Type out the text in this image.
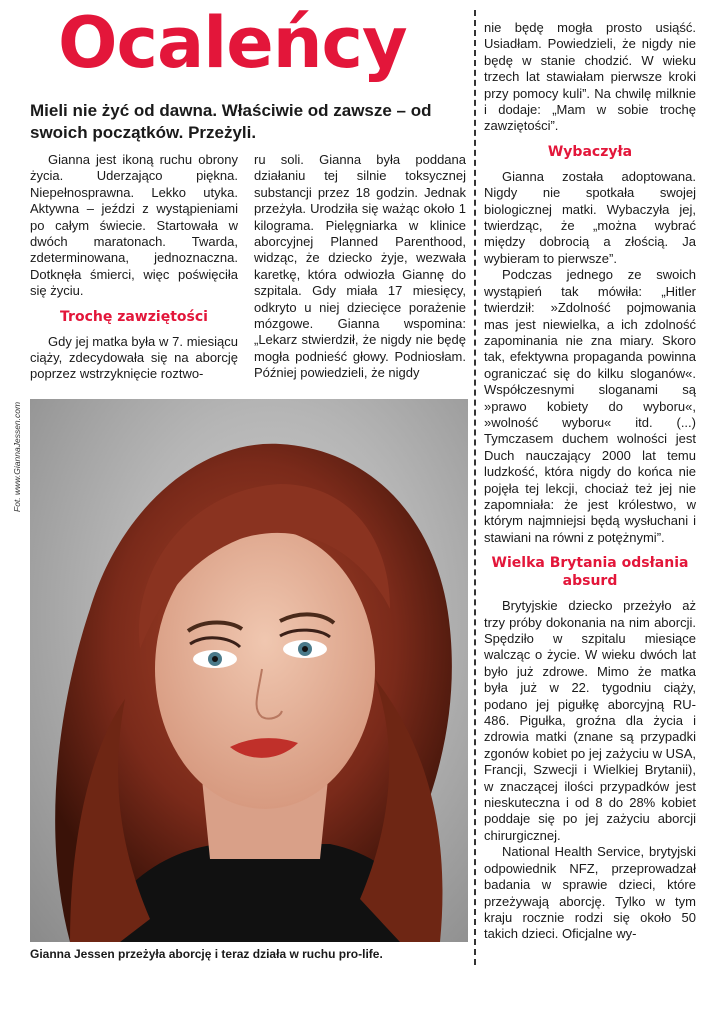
Ocaleńcy
Mieli nie żyć od dawna. Właściwie od zawsze – od swoich początków. Przeżyli.

Gianna jest ikoną ruchu obrony życia. Uderzająco piękna. Niepełnosprawna. Lekko utyka. Aktywna – jeździ z wystąpieniami po całym świecie. Startowała w dwóch maratonach. Twarda, zdeterminowana, jednoznaczna. Dotknęła śmierci, więc poświęciła się życiu.

Trochę zawziętości

Gdy jej matka była w 7. miesiącu ciąży, zdecydowała się na aborcję poprzez wstrzyknięcie roztwo-

ru soli. Gianna była poddana działaniu tej silnie toksycznej substancji przez 18 godzin. Jednak przeżyła. Urodziła się ważąc około 1 kilograma. Pielęgniarka w klinice aborcyjnej Planned Parenthood, widząc, że dziecko żyje, wezwała karetkę, która odwiozła Giannę do szpitala. Gdy miała 17 miesięcy, odkryto u niej dziecięce porażenie mózgowe. Gianna wspomina: „Lekarz stwierdził, że nigdy nie będę mogła podnieść głowy. Podniosłam. Później powiedzieli, że nigdy

nie będę mogła prosto usiąść. Usiadłam. Powiedzieli, że nigdy nie będę w stanie chodzić. W wieku trzech lat stawiałam pierwsze kroki przy pomocy kuli”. Na chwilę milknie i dodaje: „Mam w sobie trochę zawziętości”.

Wybaczyła

Gianna została adoptowana. Nigdy nie spotkała swojej biologicznej matki. Wybaczyła jej, twierdząc, że „można wybrać między dobrocią a złością. Ja wybieram to pierwsze”.

Podczas jednego ze swoich wystąpień tak mówiła: „Hitler twierdził: »Zdolność pojmowania mas jest niewielka, a ich zdolność zapominania nie zna miary. Skoro tak, efektywna propaganda powinna ograniczać się do kilku sloganów«. Współczesnymi sloganami są »prawo kobiety do wyboru«, »wolność wyboru« itd. (...) Tymczasem duchem wolności jest Duch nauczający 2000 lat temu ludzkość, która nigdy do końca nie pojęła tej lekcji, chociaż też jej nie zapomniała: że jest królestwo, w którym najmniejsi będą wysłuchani i stawiani na równi z potężnymi”.

Wielka Brytania odsłania absurd

Brytyjskie dziecko przeżyło aż trzy próby dokonania na nim aborcji. Spędziło w szpitalu miesiące walcząc o życie. W wieku dwóch lat było już zdrowe. Mimo że matka była już w 22. tygodniu ciąży, podano jej pigułkę aborcyjną RU-486. Pigułka, groźna dla życia i zdrowia matki (znane są przypadki zgonów kobiet po jej zażyciu w USA, Francji, Szwecji i Wielkiej Brytanii), w znaczącej ilości przypadków jest nieskuteczna i od 8 do 28% kobiet poddaje się po jej zażyciu aborcji chirurgicznej.

National Health Service, brytyjski odpowiednik NFZ, przeprowadzał badania w sprawie dzieci, które przeżywają aborcję. Tylko w tym kraju rocznie rodzi się około 50 takich dzieci. Oficjalne wy-

Fot. www.GiannaJessen.com
Gianna Jessen przeżyła aborcję i teraz działa w ruchu pro-life.
